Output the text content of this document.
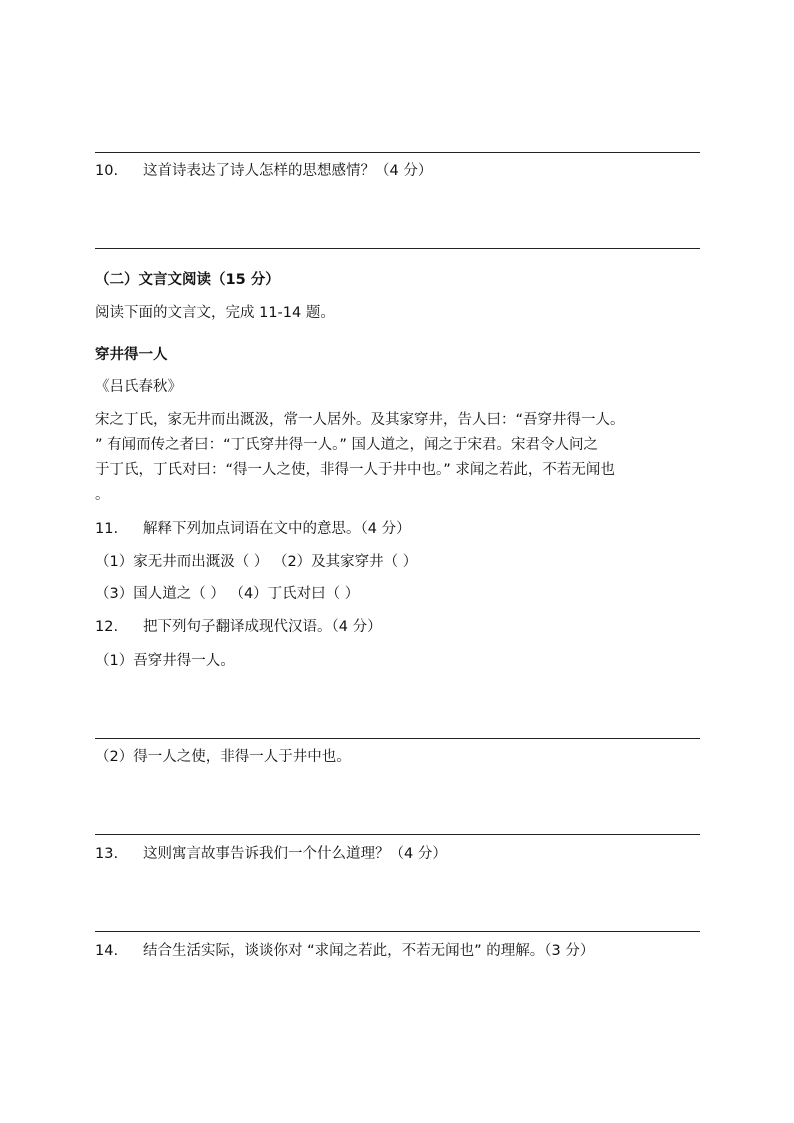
10. 这首诗表达了诗人怎样的思想感情？（4 分）
（二）文言文阅读（15 分）
阅读下面的文言文，完成 11-14 题。
穿井得一人
《吕氏春秋》
宋之丁氏，家无井而出溉汲，常一人居外。及其家穿井，告人曰：“吾穿井得一人。
” 有闻而传之者曰：“丁氏穿井得一人。” 国人道之，闻之于宋君。宋君令人问之
于丁氏，丁氏对曰：“得一人之使，非得一人于井中也。” 求闻之若此，不若无闻也
。
11. 解释下列加点词语在文中的意思。（4 分）
（1）家无井而出溉汲（ ） （2）及其家穿井（ ）
（3）国人道之（ ） （4）丁氏对曰（ ）
12. 把下列句子翻译成现代汉语。（4 分）
（1）吾穿井得一人。
（2）得一人之使，非得一人于井中也。
13. 这则寓言故事告诉我们一个什么道理？（4 分）
14. 结合生活实际，谈谈你对 “求闻之若此，不若无闻也” 的理解。（3 分）
